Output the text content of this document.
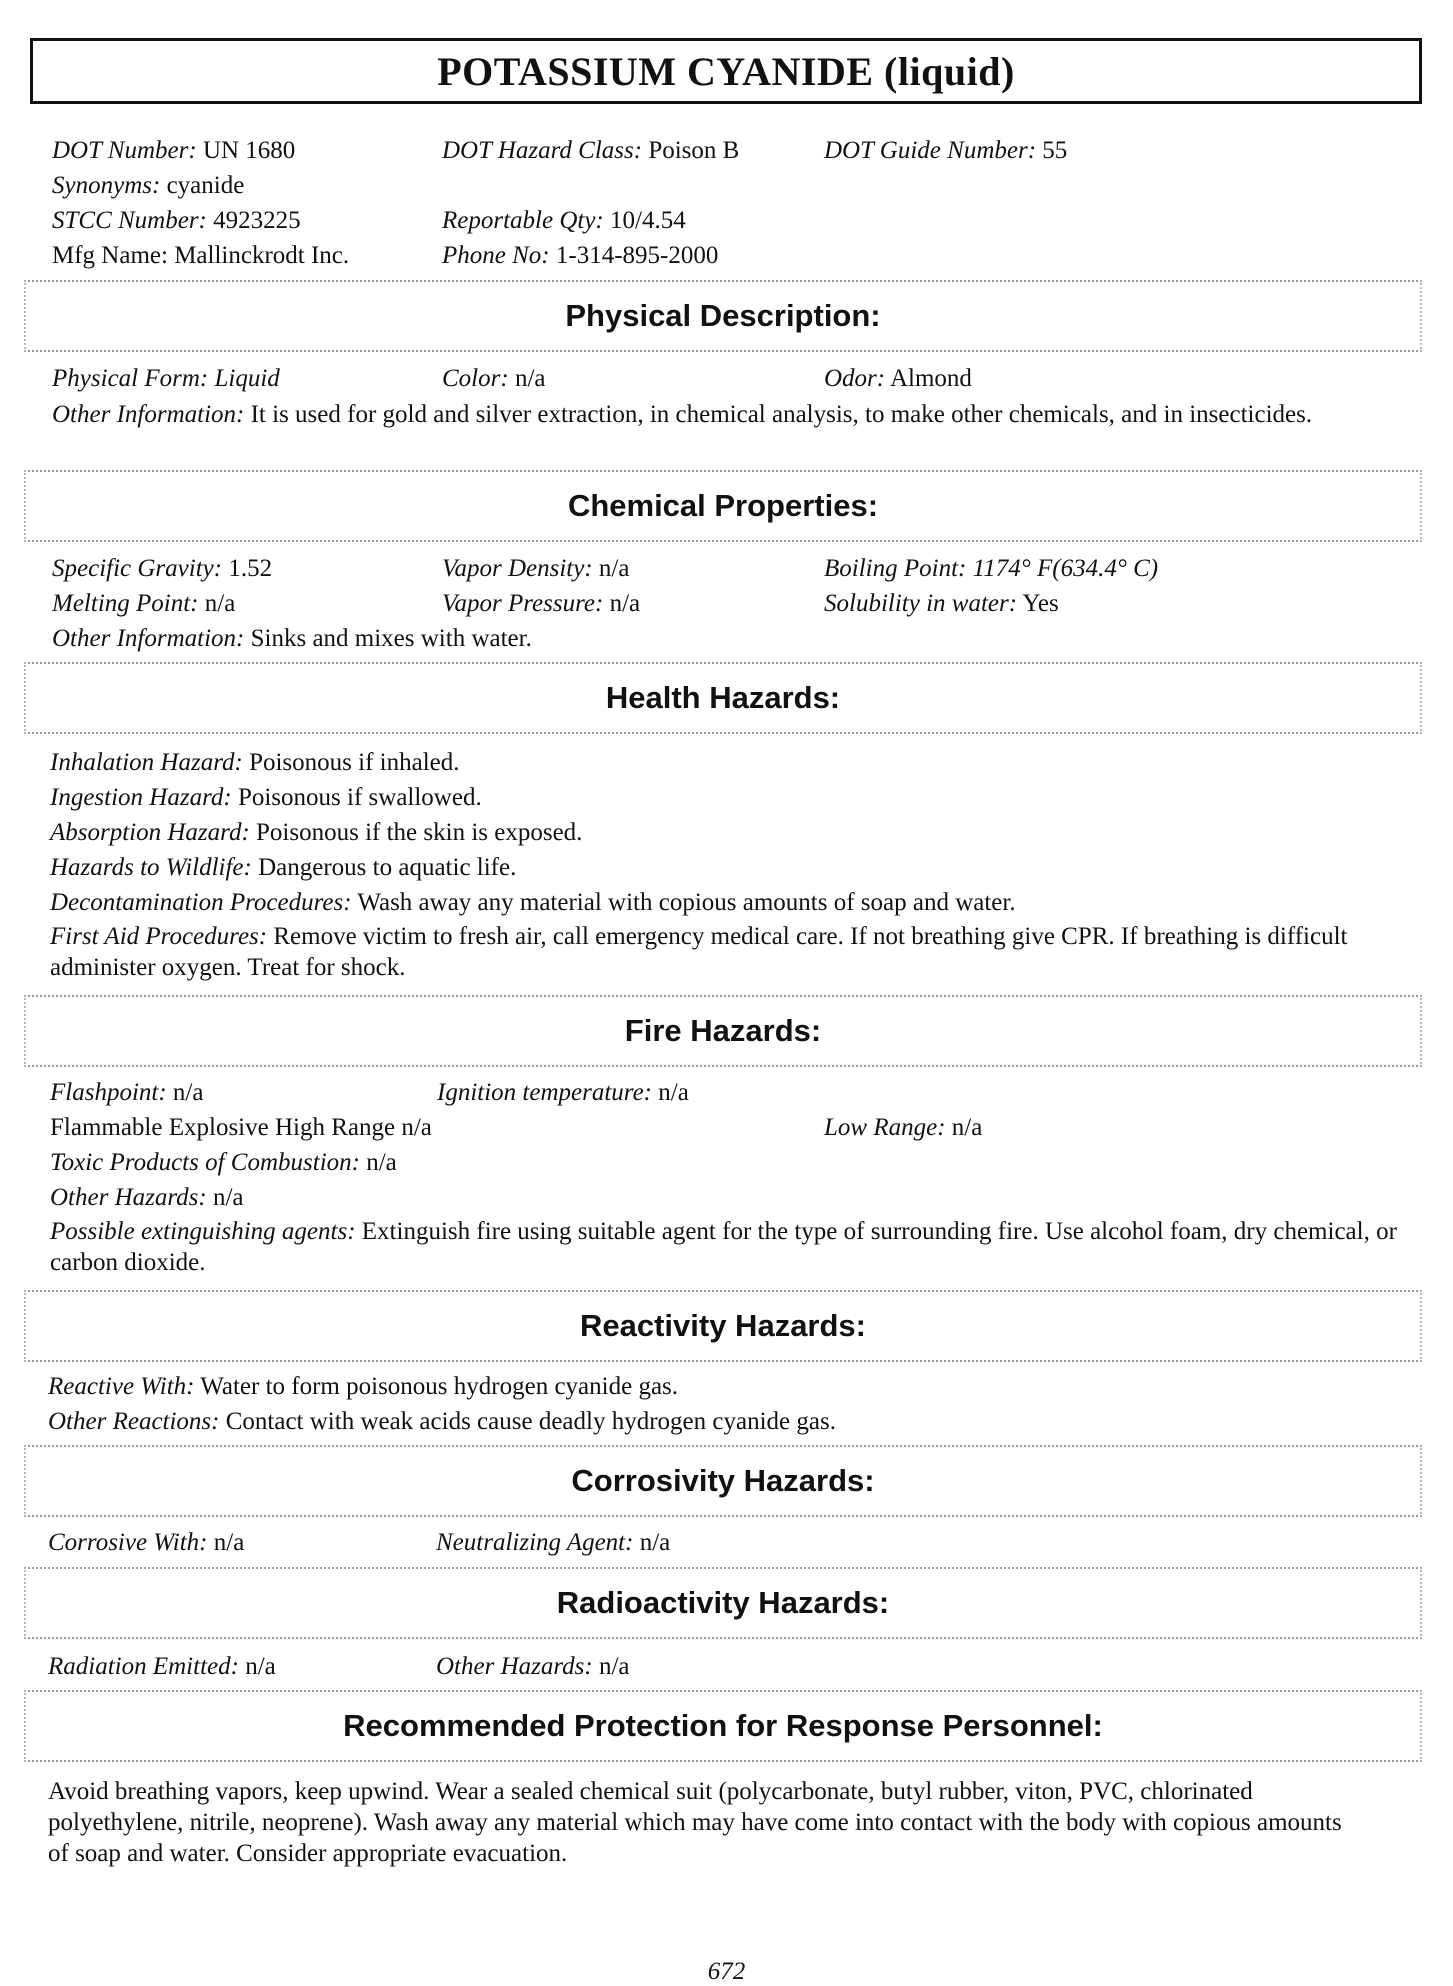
POTASSIUM CYANIDE (liquid)
DOT Number: UN 1680	DOT Hazard Class: Poison B	DOT Guide Number: 55
Synonyms: cyanide
STCC Number: 4923225	Reportable Qty: 10/4.54
Mfg Name: Mallinckrodt Inc.	Phone No: 1-314-895-2000
Physical Description:
Physical Form: Liquid	Color: n/a	Odor: Almond
Other Information: It is used for gold and silver extraction, in chemical analysis, to make other chemicals, and in insecticides.
Chemical Properties:
Specific Gravity: 1.52	Vapor Density: n/a	Boiling Point: 1174° F(634.4° C)
Melting Point: n/a	Vapor Pressure: n/a	Solubility in water: Yes
Other Information: Sinks and mixes with water.
Health Hazards:
Inhalation Hazard: Poisonous if inhaled.
Ingestion Hazard: Poisonous if swallowed.
Absorption Hazard: Poisonous if the skin is exposed.
Hazards to Wildlife: Dangerous to aquatic life.
Decontamination Procedures: Wash away any material with copious amounts of soap and water.
First Aid Procedures: Remove victim to fresh air, call emergency medical care. If not breathing give CPR. If breathing is difficult administer oxygen. Treat for shock.
Fire Hazards:
Flashpoint: n/a	Ignition temperature: n/a
Flammable Explosive High Range n/a	Low Range: n/a
Toxic Products of Combustion: n/a
Other Hazards: n/a
Possible extinguishing agents: Extinguish fire using suitable agent for the type of surrounding fire. Use alcohol foam, dry chemical, or carbon dioxide.
Reactivity Hazards:
Reactive With: Water to form poisonous hydrogen cyanide gas.
Other Reactions: Contact with weak acids cause deadly hydrogen cyanide gas.
Corrosivity Hazards:
Corrosive With: n/a	Neutralizing Agent: n/a
Radioactivity Hazards:
Radiation Emitted: n/a	Other Hazards: n/a
Recommended Protection for Response Personnel:
Avoid breathing vapors, keep upwind. Wear a sealed chemical suit (polycarbonate, butyl rubber, viton, PVC, chlorinated polyethylene, nitrile, neoprene). Wash away any material which may have come into contact with the body with copious amounts of soap and water. Consider appropriate evacuation.
672
